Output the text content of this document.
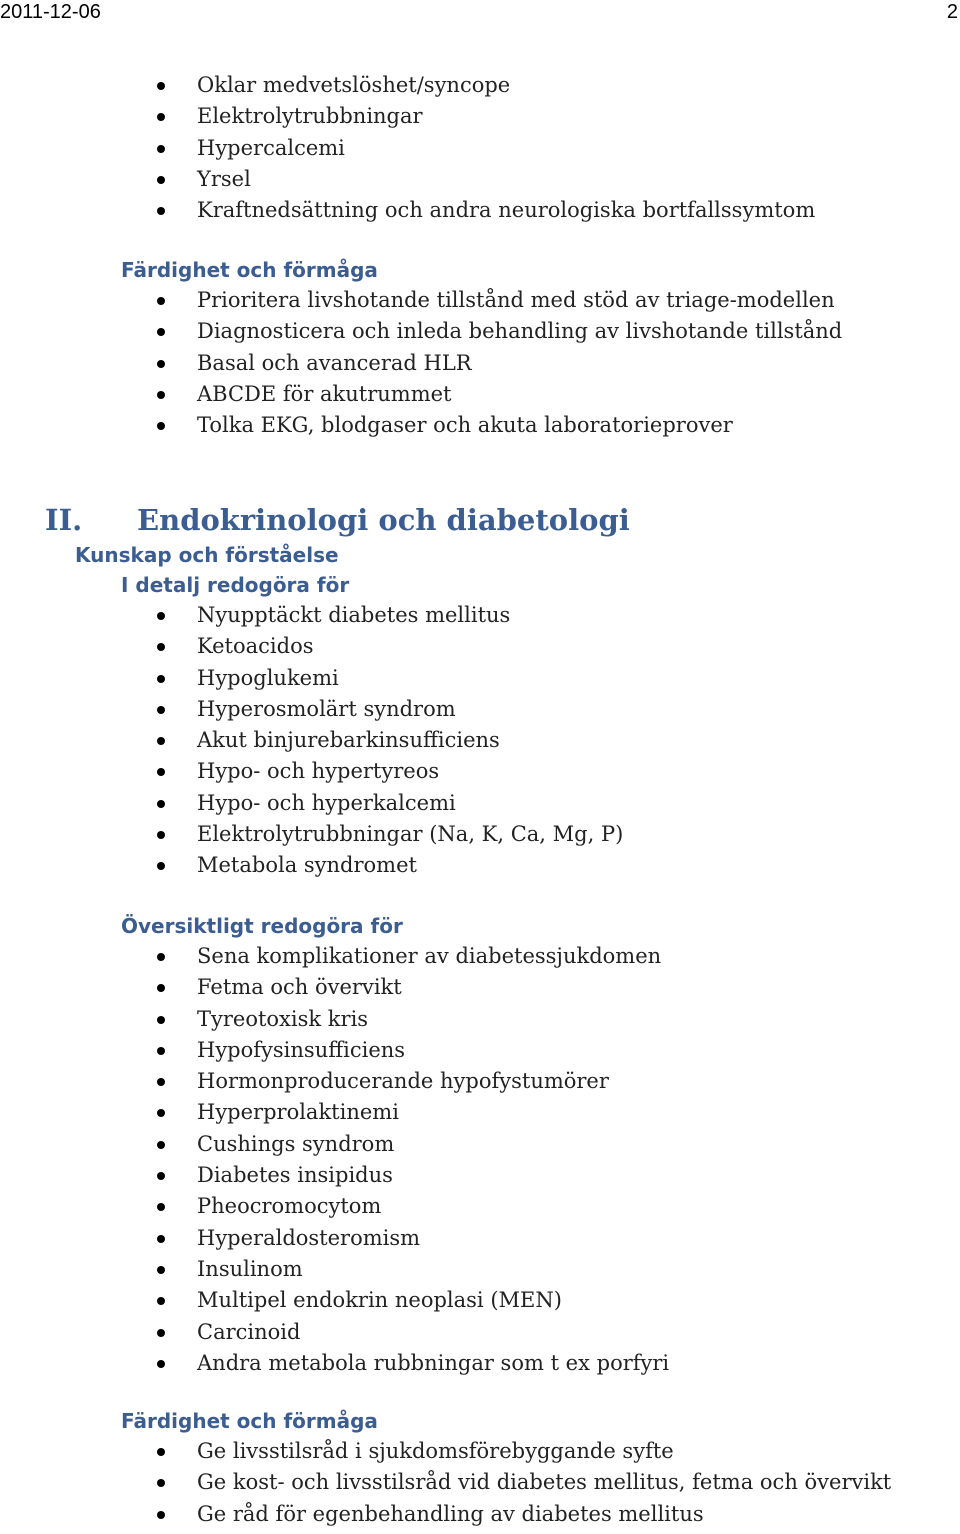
2011-12-06	2
Oklar medvetslöshet/syncope
Elektrolytrubbningar
Hypercalcemi
Yrsel
Kraftnedsättning och andra neurologiska bortfallssymtom
Färdighet och förmåga
Prioritera livshotande tillstånd med stöd av triage-modellen
Diagnosticera och inleda behandling av livshotande tillstånd
Basal och avancerad HLR
ABCDE för akutrummet
Tolka EKG, blodgaser och akuta laboratorieprover
II. Endokrinologi och diabetologi
Kunskap och förståelse
I detalj redogöra för
Nyupptäckt diabetes mellitus
Ketoacidos
Hypoglukemi
Hyperosmolärt syndrom
Akut binjurebarkinsufficiens
Hypo- och hypertyreos
Hypo- och hyperkalcemi
Elektrolytrubbningar (Na, K, Ca, Mg, P)
Metabola syndromet
Översiktligt redogöra för
Sena komplikationer av diabetessjukdomen
Fetma och övervikt
Tyreotoxisk kris
Hypofysinsufficiens
Hormonproducerande hypofystumörer
Hyperprolaktinemi
Cushings syndrom
Diabetes insipidus
Pheocromocytom
Hyperaldosteromism
Insulinom
Multipel endokrin neoplasi (MEN)
Carcinoid
Andra metabola rubbningar som t ex porfyri
Färdighet och förmåga
Ge livsstilsråd i sjukdomsförebyggande syfte
Ge kost- och livsstilsråd vid diabetes mellitus, fetma och övervikt
Ge råd för egenbehandling av diabetes mellitus
